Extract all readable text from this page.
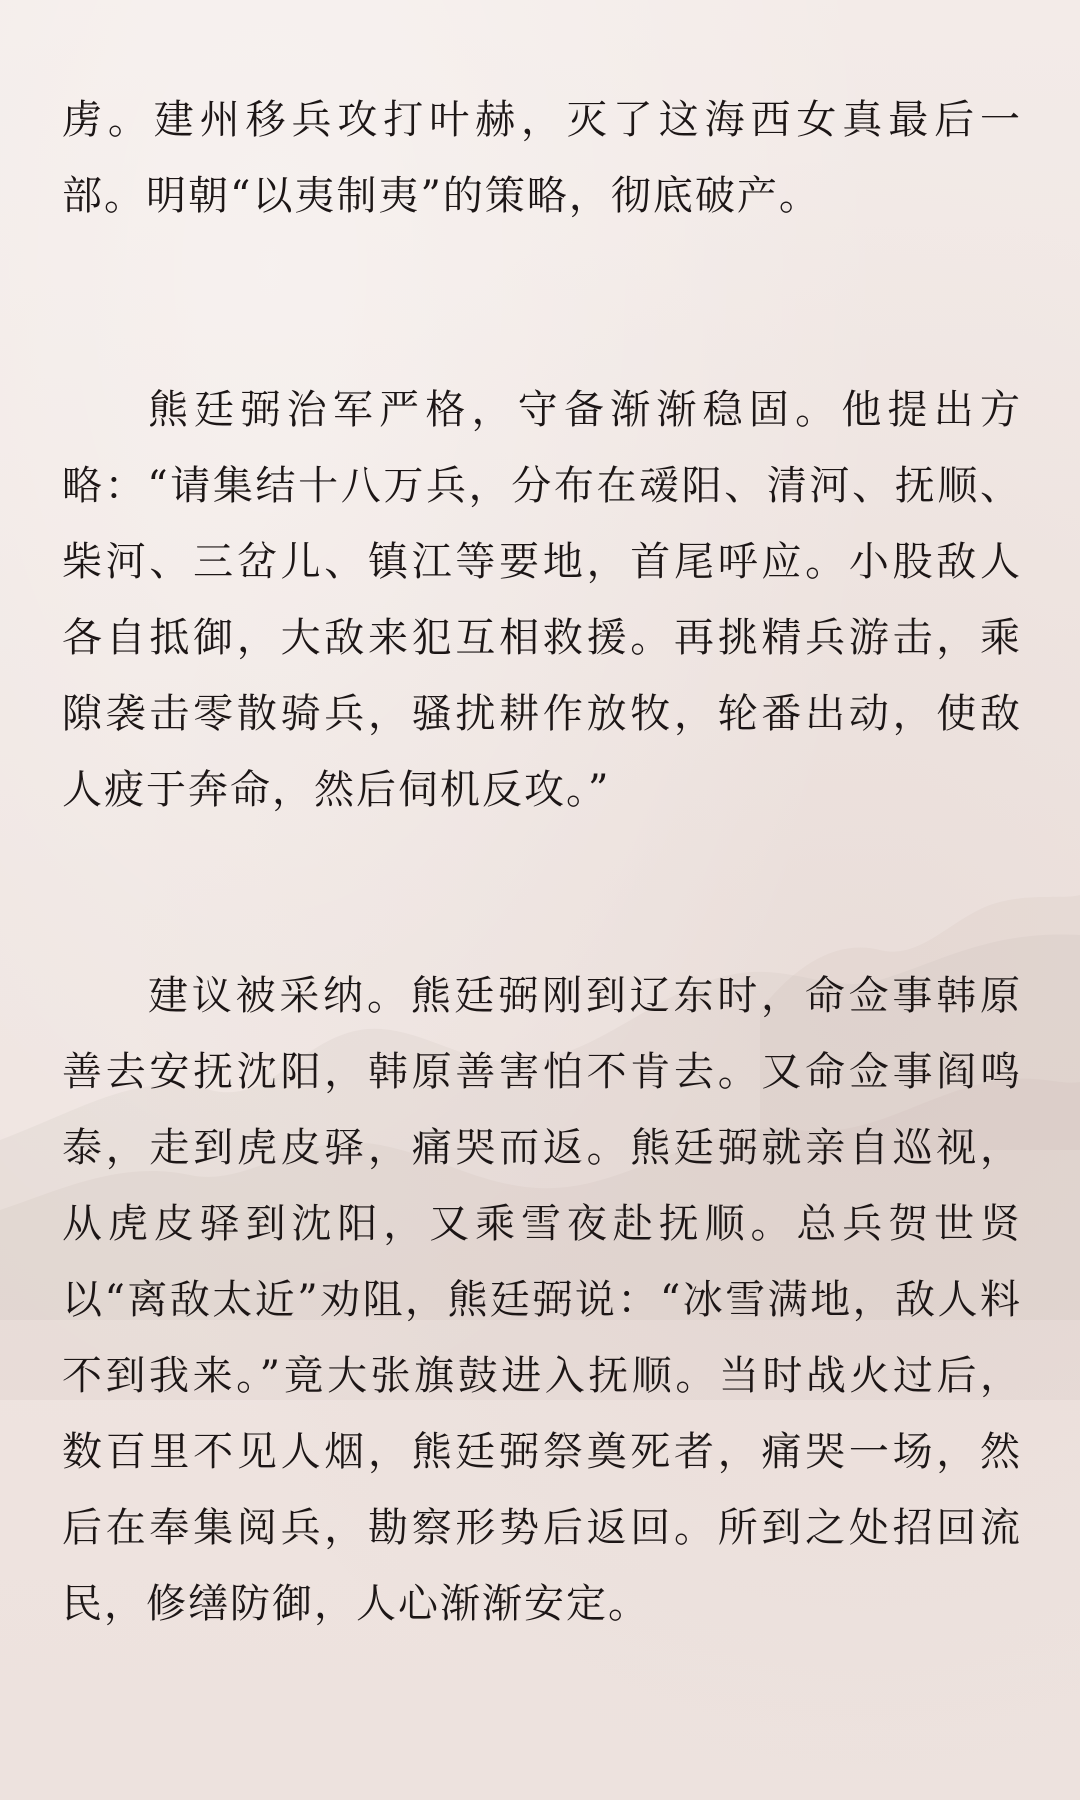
虏。建州移兵攻打叶赫，灭了这海西女真最后一部。明朝“以夷制夷”的策略，彻底破产。

熊廷弼治军严格，守备渐渐稳固。他提出方略：“请集结十八万兵，分布在叆阳、清河、抚顺、柴河、三岔儿、镇江等要地，首尾呼应。小股敌人各自抵御，大敌来犯互相救援。再挑精兵游击，乘隙袭击零散骑兵，骚扰耕作放牧，轮番出动，使敌人疲于奔命，然后伺机反攻。”

建议被采纳。熊廷弼刚到辽东时，命佥事韩原善去安抚沈阳，韩原善害怕不肯去。又命佥事阎鸣泰，走到虎皮驿，痛哭而返。熊廷弼就亲自巡视，从虎皮驿到沈阳，又乘雪夜赴抚顺。总兵贺世贤以“离敌太近”劝阻，熊廷弼说：“冰雪满地，敌人料不到我来。”竟大张旗鼓进入抚顺。当时战火过后，数百里不见人烟，熊廷弼祭奠死者，痛哭一场，然后在奉集阅兵，勘察形势后返回。所到之处招回流民，修缮防御，人心渐渐安定。
